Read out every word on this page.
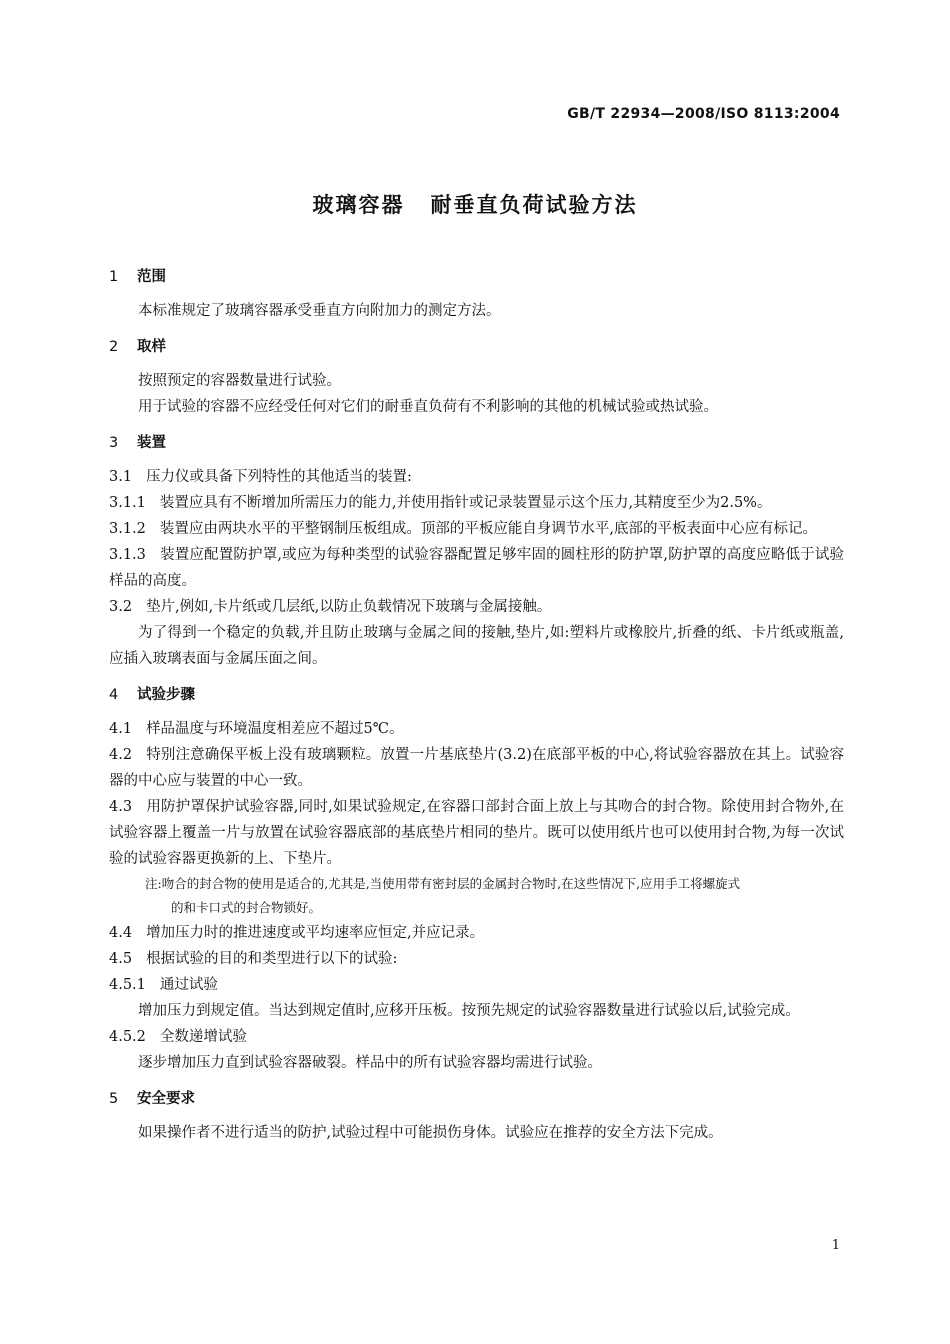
GB/T 22934—2008/ISO 8113:2004
玻璃容器 耐垂直负荷试验方法

1 范围

本标准规定了玻璃容器承受垂直方向附加力的测定方法。

2 取样

按照预定的容器数量进行试验。

用于试验的容器不应经受任何对它们的耐垂直负荷有不利影响的其他的机械试验或热试验。

3 装置

3.1 压力仪或具备下列特性的其他适当的装置:

3.1.1 装置应具有不断增加所需压力的能力,并使用指针或记录装置显示这个压力,其精度至少为2.5%。

3.1.2 装置应由两块水平的平整钢制压板组成。顶部的平板应能自身调节水平,底部的平板表面中心应有标记。

3.1.3 装置应配置防护罩,或应为每种类型的试验容器配置足够牢固的圆柱形的防护罩,防护罩的高度应略低于试验样品的高度。

3.2 垫片,例如,卡片纸或几层纸,以防止负载情况下玻璃与金属接触。

为了得到一个稳定的负载,并且防止玻璃与金属之间的接触,垫片,如:塑料片或橡胶片,折叠的纸、卡片纸或瓶盖,应插入玻璃表面与金属压面之间。

4 试验步骤

4.1 样品温度与环境温度相差应不超过5℃。

4.2 特别注意确保平板上没有玻璃颗粒。放置一片基底垫片(3.2)在底部平板的中心,将试验容器放在其上。试验容器的中心应与装置的中心一致。

4.3 用防护罩保护试验容器,同时,如果试验规定,在容器口部封合面上放上与其吻合的封合物。除使用封合物外,在试验容器上覆盖一片与放置在试验容器底部的基底垫片相同的垫片。既可以使用纸片也可以使用封合物,为每一次试验的试验容器更换新的上、下垫片。

注:吻合的封合物的使用是适合的,尤其是,当使用带有密封层的金属封合物时,在这些情况下,应用手工将螺旋式

的和卡口式的封合物锁好。

4.4 增加压力时的推进速度或平均速率应恒定,并应记录。

4.5 根据试验的目的和类型进行以下的试验:

4.5.1 通过试验

增加压力到规定值。当达到规定值时,应移开压板。按预先规定的试验容器数量进行试验以后,试验完成。

4.5.2 全数递增试验

逐步增加压力直到试验容器破裂。样品中的所有试验容器均需进行试验。

5 安全要求

如果操作者不进行适当的防护,试验过程中可能损伤身体。试验应在推荐的安全方法下完成。

1
